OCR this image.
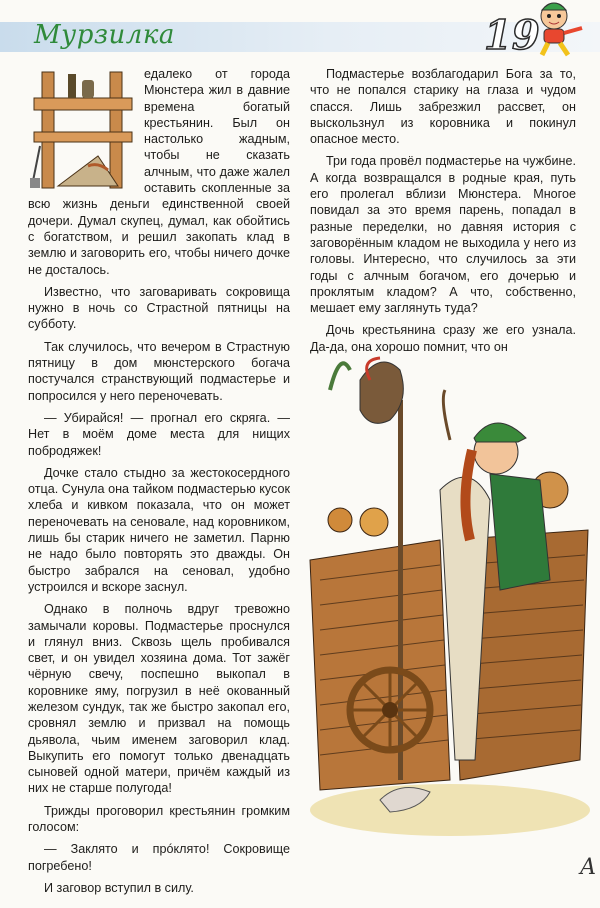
Мурзилка	19

едалеко от города Мюнстера жил в давние времена богатый крестьянин. Был он настолько жадным, чтобы не сказать алчным, что даже жалел оставить скопленные за всю жизнь деньги единственной своей дочери. Думал скупец, думал, как обойтись с богатством, и решил закопать клад в землю и заговорить его, чтобы ничего дочке не досталось.

Известно, что заговаривать сокровища нужно в ночь со Страстной пятницы на субботу.

Так случилось, что вечером в Страстную пятницу в дом мюнстерского богача постучался странствующий подмастерье и попросился у него переночевать.

— Убирайся! — прогнал его скряга. — Нет в моём доме места для нищих побродяжек!

Дочке стало стыдно за жестокосердного отца. Сунула она тайком подмастерью кусок хлеба и кивком показала, что он может переночевать на сеновале, над коровником, лишь бы старик ничего не заметил. Парню не надо было повторять это дважды. Он быстро забрался на сеновал, удобно устроился и вскоре заснул.

Однако в полночь вдруг тревожно замычали коровы. Подмастерье проснулся и глянул вниз. Сквозь щель пробивался свет, и он увидел хозяина дома. Тот зажёг чёрную свечу, поспешно выкопал в коровнике яму, погрузил в неё окованный железом сундук, так же быстро закопал его, сровнял землю и призвал на помощь дьявола, чьим именем заговорил клад. Выкупить его помогут только двенадцать сыновей одной матери, причём каждый из них не старше полугода!

Трижды проговорил крестьянин громким голосом:

— Заклято и прóклято! Сокровище погребено!

И заговор вступил в силу.

Подмастерье возблагодарил Бога за то, что не попался старику на глаза и чудом спасся. Лишь забрезжил рассвет, он выскользнул из коровника и покинул опасное место.

Три года провёл подмастерье на чужбине. А когда возвращался в родные края, путь его пролегал вблизи Мюнстера. Многое повидал за это время парень, попадал в разные переделки, но давняя история с заговорённым кладом не выходила у него из головы. Интересно, что случилось за эти годы с алчным богачом, его дочерью и проклятым кладом? А что, собственно, мешает ему заглянуть туда?

Дочь крестьянина сразу же его узнала. Да-да, она хорошо помнит, что он

A
